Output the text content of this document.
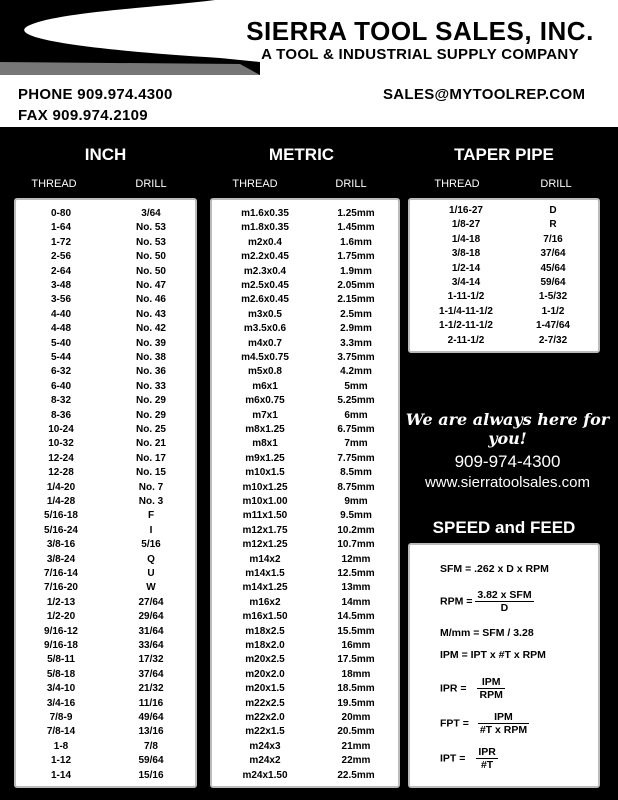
SIERRA TOOL SALES, INC.
A TOOL & INDUSTRIAL SUPPLY COMPANY
PHONE 909.974.4300
FAX 909.974.2109
SALES@MYTOOLREP.COM
INCH
THREAD	DRILL
0-80	3/64
1-64	No. 53
1-72	No. 53
2-56	No. 50
2-64	No. 50
3-48	No. 47
3-56	No. 46
4-40	No. 43
4-48	No. 42
5-40	No. 39
5-44	No. 38
6-32	No. 36
6-40	No. 33
8-32	No. 29
8-36	No. 29
10-24	No. 25
10-32	No. 21
12-24	No. 17
12-28	No. 15
1/4-20	No. 7
1/4-28	No. 3
5/16-18	F
5/16-24	I
3/8-16	5/16
3/8-24	Q
7/16-14	U
7/16-20	W
1/2-13	27/64
1/2-20	29/64
9/16-12	31/64
9/16-18	33/64
5/8-11	17/32
5/8-18	37/64
3/4-10	21/32
3/4-16	11/16
7/8-9	49/64
7/8-14	13/16
1-8	7/8
1-12	59/64
1-14	15/16
METRIC
THREAD	DRILL
m1.6x0.35	1.25mm
m1.8x0.35	1.45mm
m2x0.4	1.6mm
m2.2x0.45	1.75mm
m2.3x0.4	1.9mm
m2.5x0.45	2.05mm
m2.6x0.45	2.15mm
m3x0.5	2.5mm
m3.5x0.6	2.9mm
m4x0.7	3.3mm
m4.5x0.75	3.75mm
m5x0.8	4.2mm
m6x1	5mm
m6x0.75	5.25mm
m7x1	6mm
m8x1.25	6.75mm
m8x1	7mm
m9x1.25	7.75mm
m10x1.5	8.5mm
m10x1.25	8.75mm
m10x1.00	9mm
m11x1.50	9.5mm
m12x1.75	10.2mm
m12x1.25	10.7mm
m14x2	12mm
m14x1.5	12.5mm
m14x1.25	13mm
m16x2	14mm
m16x1.50	14.5mm
m18x2.5	15.5mm
m18x2.0	16mm
m20x2.5	17.5mm
m20x2.0	18mm
m20x1.5	18.5mm
m22x2.5	19.5mm
m22x2.0	20mm
m22x1.5	20.5mm
m24x3	21mm
m24x2	22mm
m24x1.50	22.5mm
TAPER PIPE
THREAD	DRILL
1/16-27	D
1/8-27	R
1/4-18	7/16
3/8-18	37/64
1/2-14	45/64
3/4-14	59/64
1-11-1/2	1-5/32
1-1/4-11-1/2	1-1/2
1-1/2-11-1/2	1-47/64
2-11-1/2	2-7/32
We are always here for you!
909-974-4300
www.sierratoolsales.com
SPEED and FEED
SFM = .262 x D x RPM
RPM = $\frac{\text{3.82 x SFM}}{D}$
M/mm = SFM / 3.28
IPM = IPT x #T x RPM
IPR = $\frac{\text{IPM}}{\text{RPM}}$
FPT = $\frac{\text{IPM}}{\text{\#T x RPM}}$
IPT = $\frac{\text{IPR}}{\#T}$
